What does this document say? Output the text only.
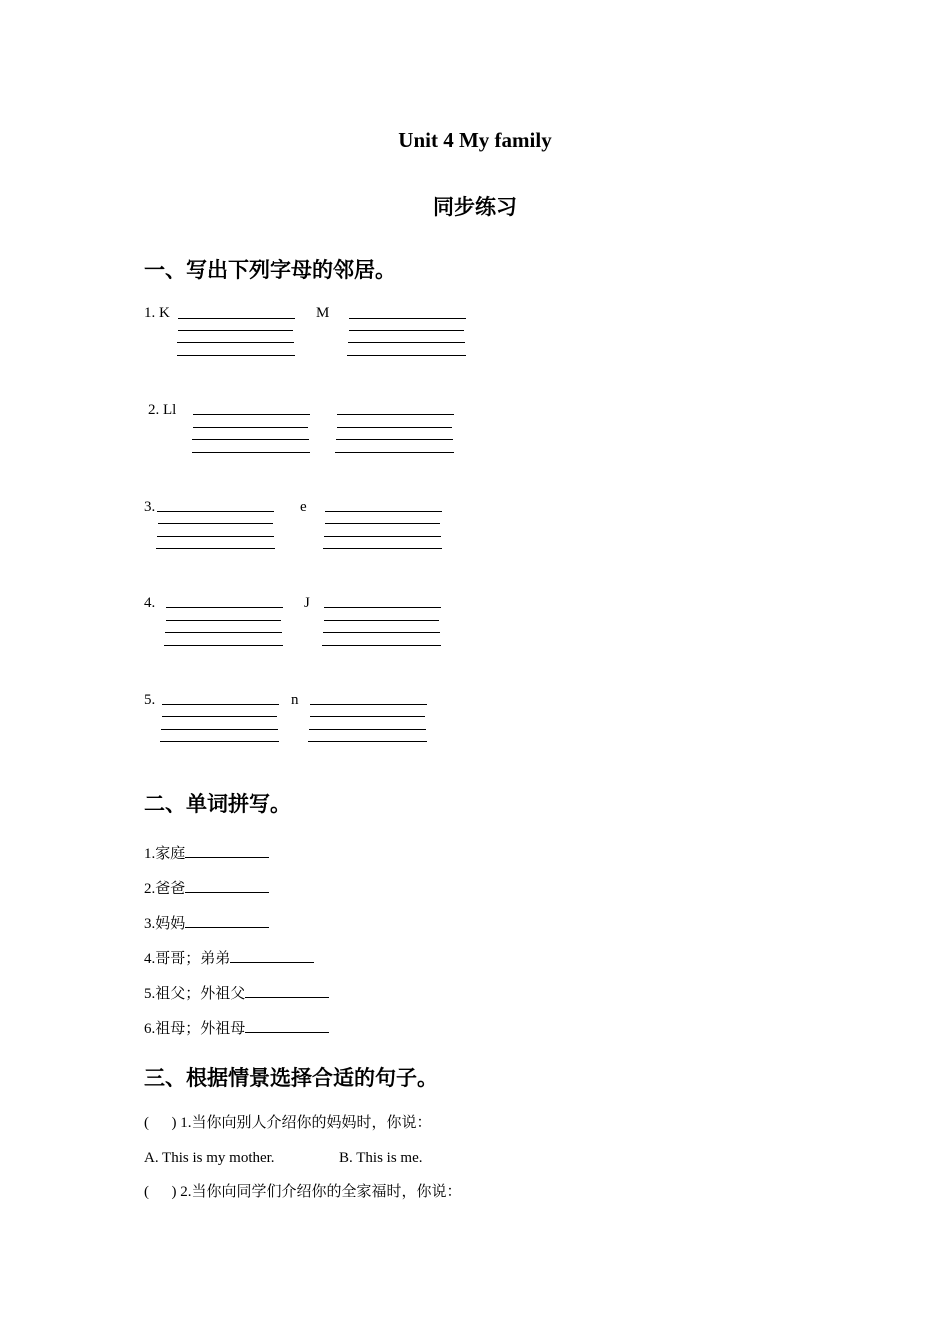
Unit 4 My family
同步练习
一、写出下列字母的邻居。
1. K	M
2. Ll
3.	e
4.	J
5.	n
二、单词拼写。
1.家庭
2.爸爸
3.妈妈
4.哥哥；弟弟
5.祖父；外祖父
6.祖母；外祖母
三、根据情景选择合适的句子。
(      ) 1.当你向别人介绍你的妈妈时，你说：
A. This is my mother.	B. This is me.
(      ) 2.当你向同学们介绍你的全家福时，你说：
